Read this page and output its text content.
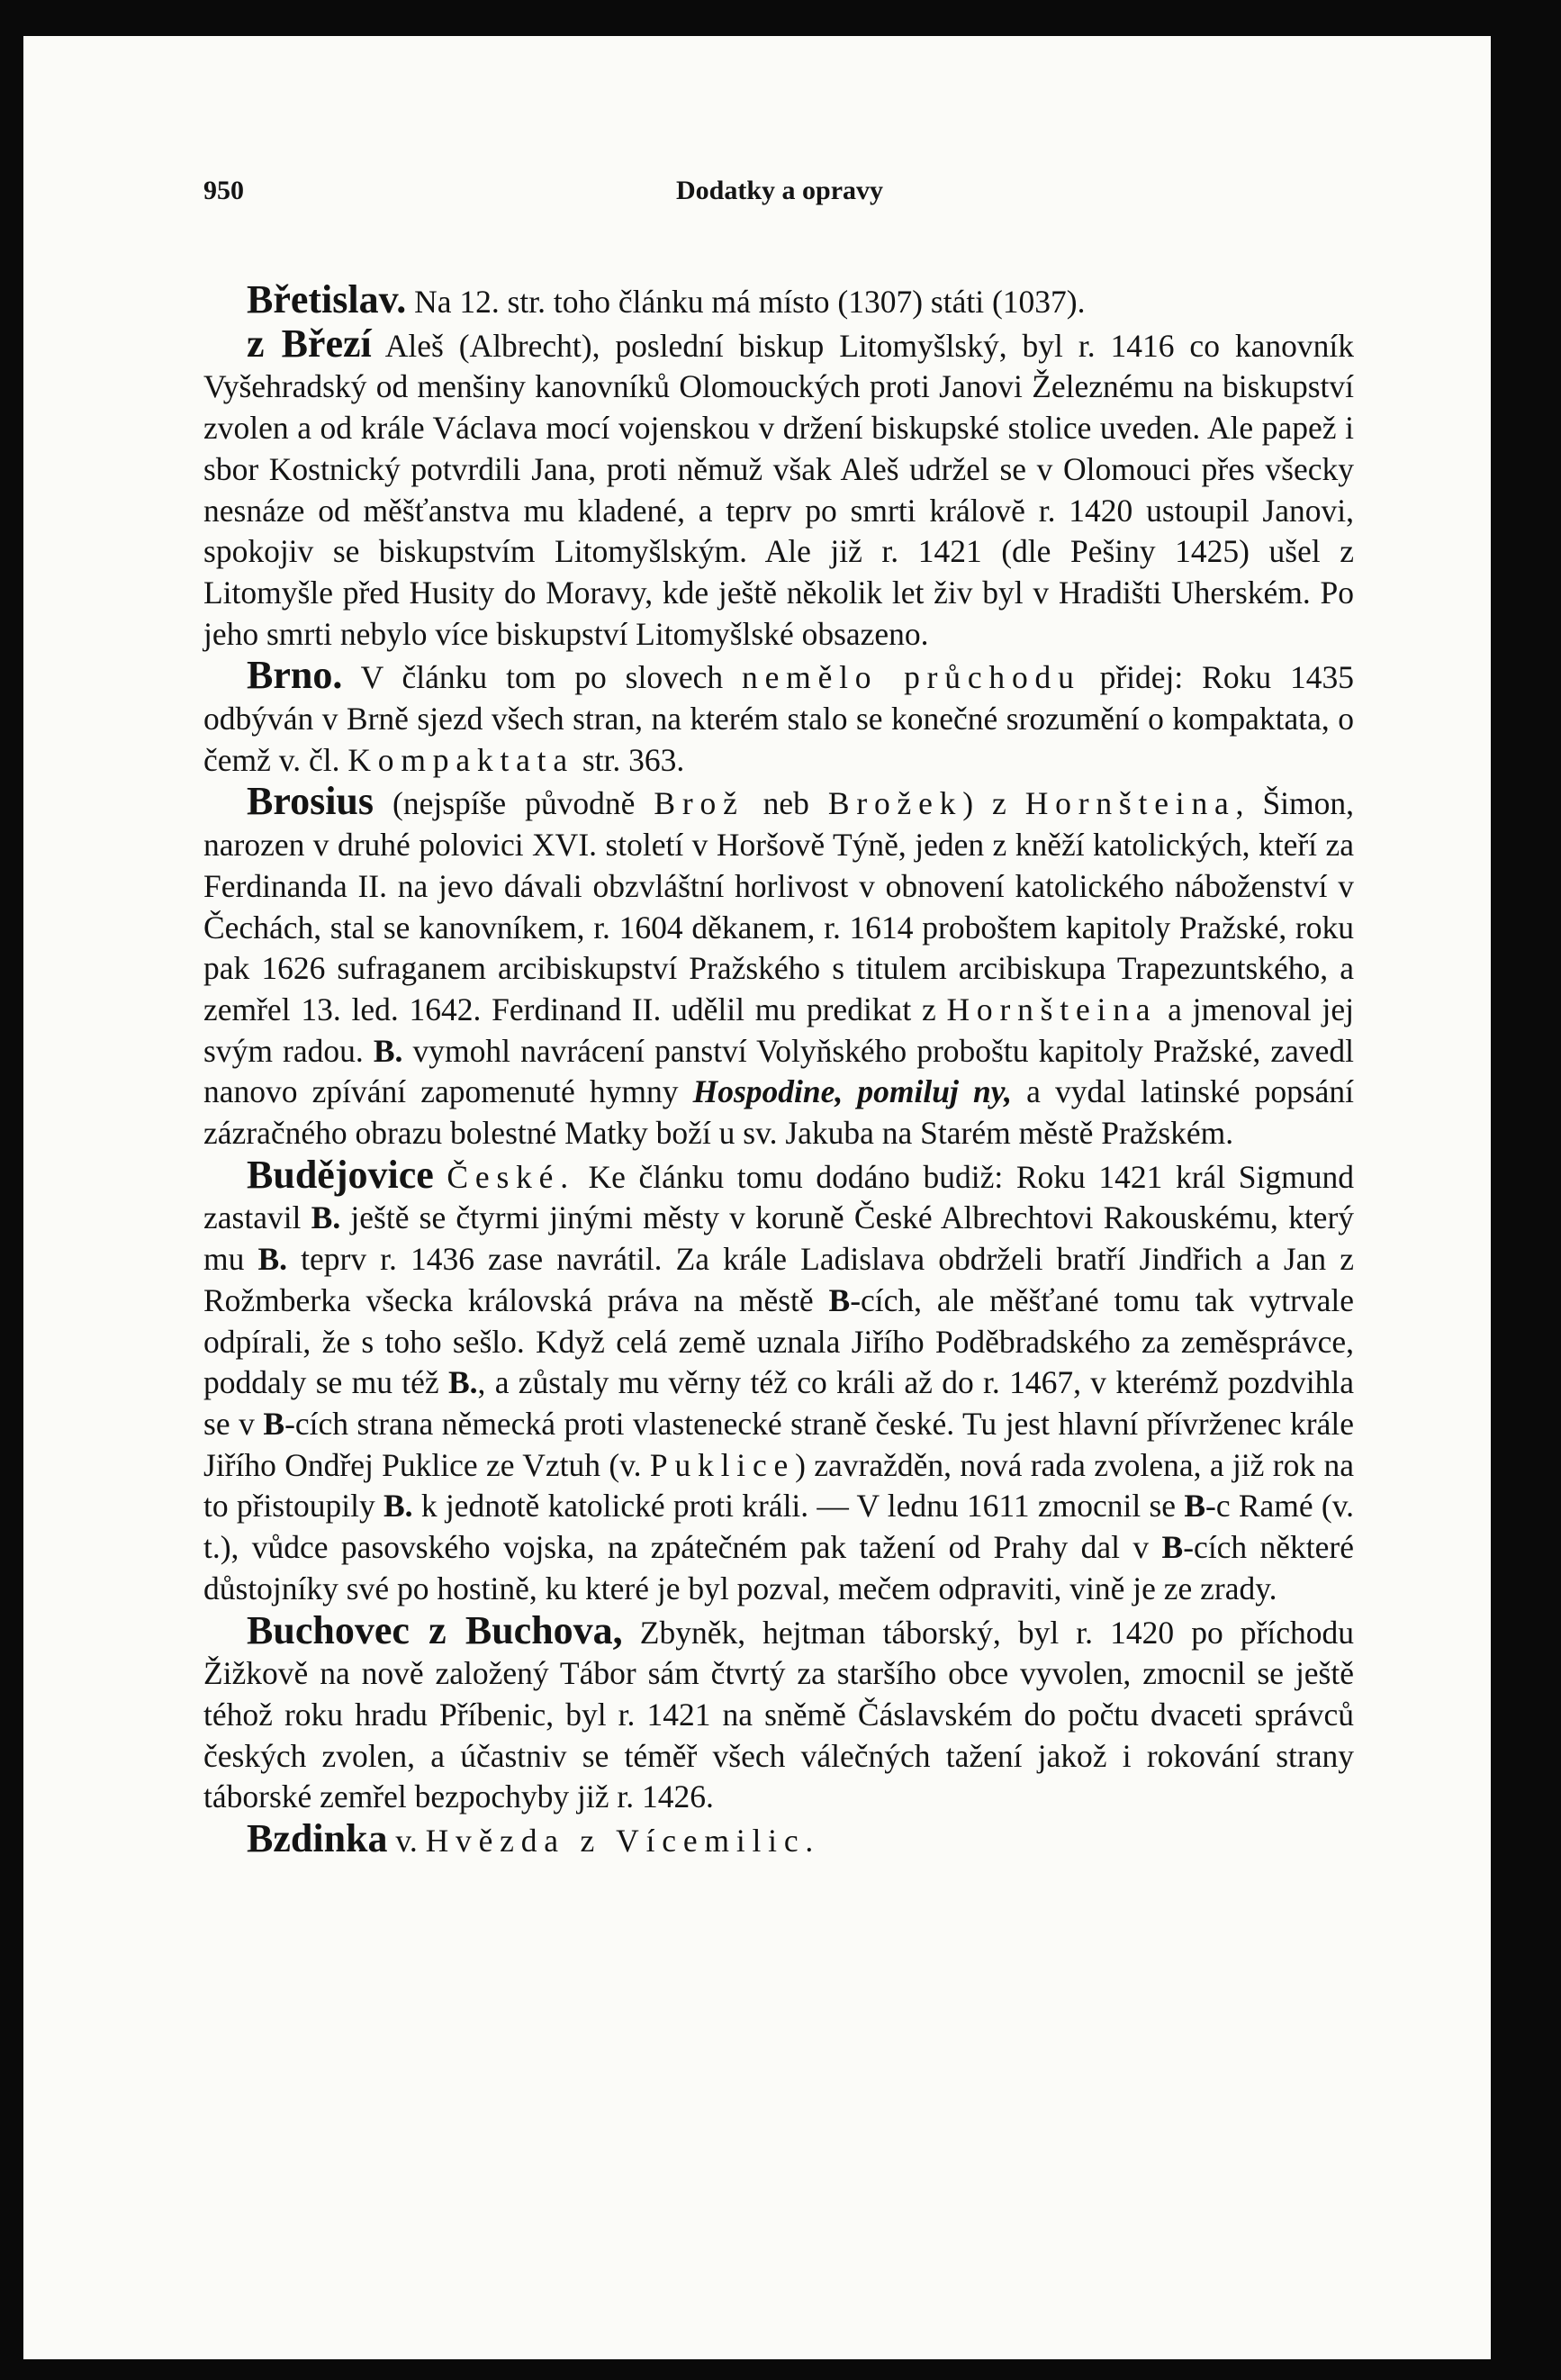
950	Dodatky a opravy

Břetislav. Na 12. str. toho článku má místo (1307) státi (1037).

z Březí Aleš (Albrecht), poslední biskup Litomyšlský, byl r. 1416 co kanovník Vyšehradský od menšiny kanovníků Olomouckých proti Janovi Železnému na biskupství zvolen a od krále Václava mocí vojenskou v držení biskupské stolice uveden. Ale papež i sbor Kostnický potvrdili Jana, proti němuž však Aleš udržel se v Olomouci přes všecky nesnáze od měšťanstva mu kladené, a teprv po smrti královĕ r. 1420 ustoupil Janovi, spokojiv se biskupstvím Litomyšlským. Ale již r. 1421 (dle Pešiny 1425) ušel z Litomyšle před Husity do Moravy, kde ještě několik let živ byl v Hradišti Uherském. Po jeho smrti nebylo více biskupství Litomyšlské obsazeno.

Brno. V článku tom po slovech nemělo průchodu přidej: Roku 1435 odbýván v Brně sjezd všech stran, na kterém stalo se konečné srozumění o kompaktata, o čemž v. čl. Kompaktata str. 363.

Brosius (nejspíše původně Brož neb Brožek) z Hornšteina, Šimon, narozen v druhé polovici XVI. století v Horšově Týně, jeden z kněží katolických, kteří za Ferdinanda II. na jevo dávali obzvláštní horlivost v obnovení katolického náboženství v Čechách, stal se kanovníkem, r. 1604 děkanem, r. 1614 proboštem kapitoly Pražské, roku pak 1626 sufraganem arcibiskupství Pražského s titulem arcibiskupa Trapezuntského, a zemřel 13. led. 1642. Ferdinand II. udělil mu predikat z Hornšteina a jmenoval jej svým radou. B. vymohl navrácení panství Volyňského proboštu kapitoly Pražské, zavedl nanovo zpívání zapomenuté hymny Hospodine, pomiluj ny, a vydal latinské popsání zázračného obrazu bolestné Matky boží u sv. Jakuba na Starém městě Pražském.

Budějovice České. Ke článku tomu dodáno budiž: Roku 1421 král Sigmund zastavil B. ještě se čtyrmi jinými městy v koruně České Albrechtovi Rakouskému, který mu B. teprv r. 1436 zase navrátil. Za krále Ladislava obdrželi bratří Jindřich a Jan z Rožmberka všecka královská práva na městě B-cích, ale měšťané tomu tak vytrvale odpírali, že s toho sešlo. Když celá země uznala Jiřího Poděbradského za zeměsprávce, poddaly se mu též B., a zůstaly mu věrny též co králi až do r. 1467, v kterémž pozdvihla se v B-cích strana německá proti vlastenecké straně české. Tu jest hlavní přívrženec krále Jiřího Ondřej Puklice ze Vztuh (v. Puklice) zavražděn, nová rada zvolena, a již rok na to přistoupily B. k jednotě katolické proti králi. — V lednu 1611 zmocnil se B-c Ramé (v. t.), vůdce pasovského vojska, na zpátečném pak tažení od Prahy dal v B-cích některé důstojníky své po hostině, ku které je byl pozval, mečem odpraviti, vině je ze zrady.

Buchovec z Buchova, Zbyněk, hejtman táborský, byl r. 1420 po příchodu Žižkově na nově založený Tábor sám čtvrtý za staršího obce vyvolen, zmocnil se ještě téhož roku hradu Příbenic, byl r. 1421 na sněmě Čáslavském do počtu dvaceti správců českých zvolen, a účastniv se téměř všech válečných tažení jakož i rokování strany táborské zemřel bezpochyby již r. 1426.

Bzdinka v. Hvězda z Vícemilic.
